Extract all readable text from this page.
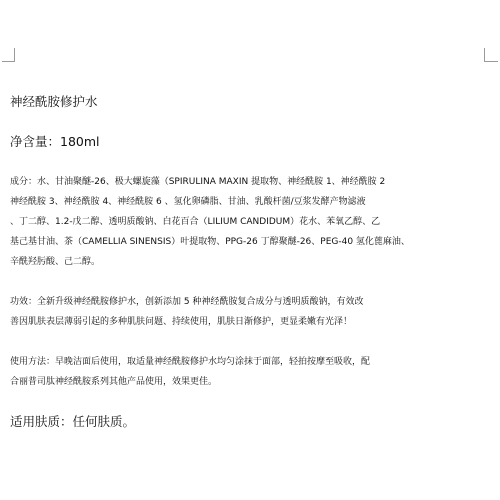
神经酰胺修护水

净含量：180ml

成分：水、甘油聚醚-26、极大螺旋藻（SPIRULINA MAXIN 提取物、神经酰胺 1、神经酰胺 2
神经酰胺 3、神经酰胺 4、神经酰胺 6 、氢化卵磷脂、甘油、乳酸杆菌/豆浆发酵产物滤液
、丁二醇、1.2-戊二醇、透明质酸钠、白花百合（LILIUM CANDIDUM）花水、苯氧乙醇、乙
基己基甘油、茶（CAMELLIA SINENSIS）叶提取物、PPG-26 丁醇聚醚-26、PEG-40 氢化蓖麻油、
辛酰羟肟酸、己二醇。

功效：全新升级神经酰胺修护水，创新添加 5 种神经酰胺复合成分与透明质酸钠，有效改
善因肌肤表层薄弱引起的多种肌肤问题、持续使用，肌肤日渐修护，更显柔嫩有光泽！

使用方法：早晚洁面后使用，取适量神经酰胺修护水均匀涂抹于面部，轻拍按摩至吸收，配
合丽普司肽神经酰胺系列其他产品使用，效果更佳。

适用肤质：任何肤质。
